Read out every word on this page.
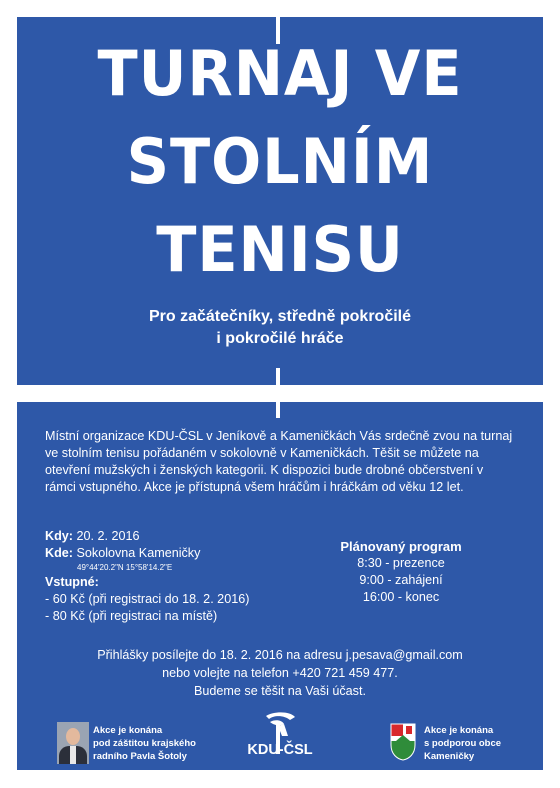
TURNAJ VE
STOLNÍM
TENISU
Pro začátečníky, středně pokročilé
i pokročilé hráče
Místní organizace KDU-ČSL v Jeníkově a Kameničkách Vás srdečně zvou na turnaj ve stolním tenisu pořádaném v sokolovně v Kameničkách. Těšit se můžete na otevření mužských i ženských kategorii. K dispozici bude drobné občerstvení v rámci vstupného. Akce je přístupná všem hráčům i hráčkám od věku 12 let.
Kdy: 20. 2. 2016
Kde: Sokolovna Kameničky
49°44'20.2"N 15°58'14.2"E
Vstupné:
- 60 Kč (při registraci do 18. 2. 2016)
- 80 Kč (při registraci na místě)
Plánovaný program
8:30 - prezence
9:00 - zahájení
16:00 - konec
Přihlášky posílejte do 18. 2. 2016 na adresu j.pesava@gmail.com
nebo volejte na telefon +420 721 459 477.
Budeme se těšit na Vaši účast.
Akce je konána
pod záštitou krajského
radního Pavla Šotoly	KDU-ČSL
Akce je konána
s podporou obce
Kameničky
